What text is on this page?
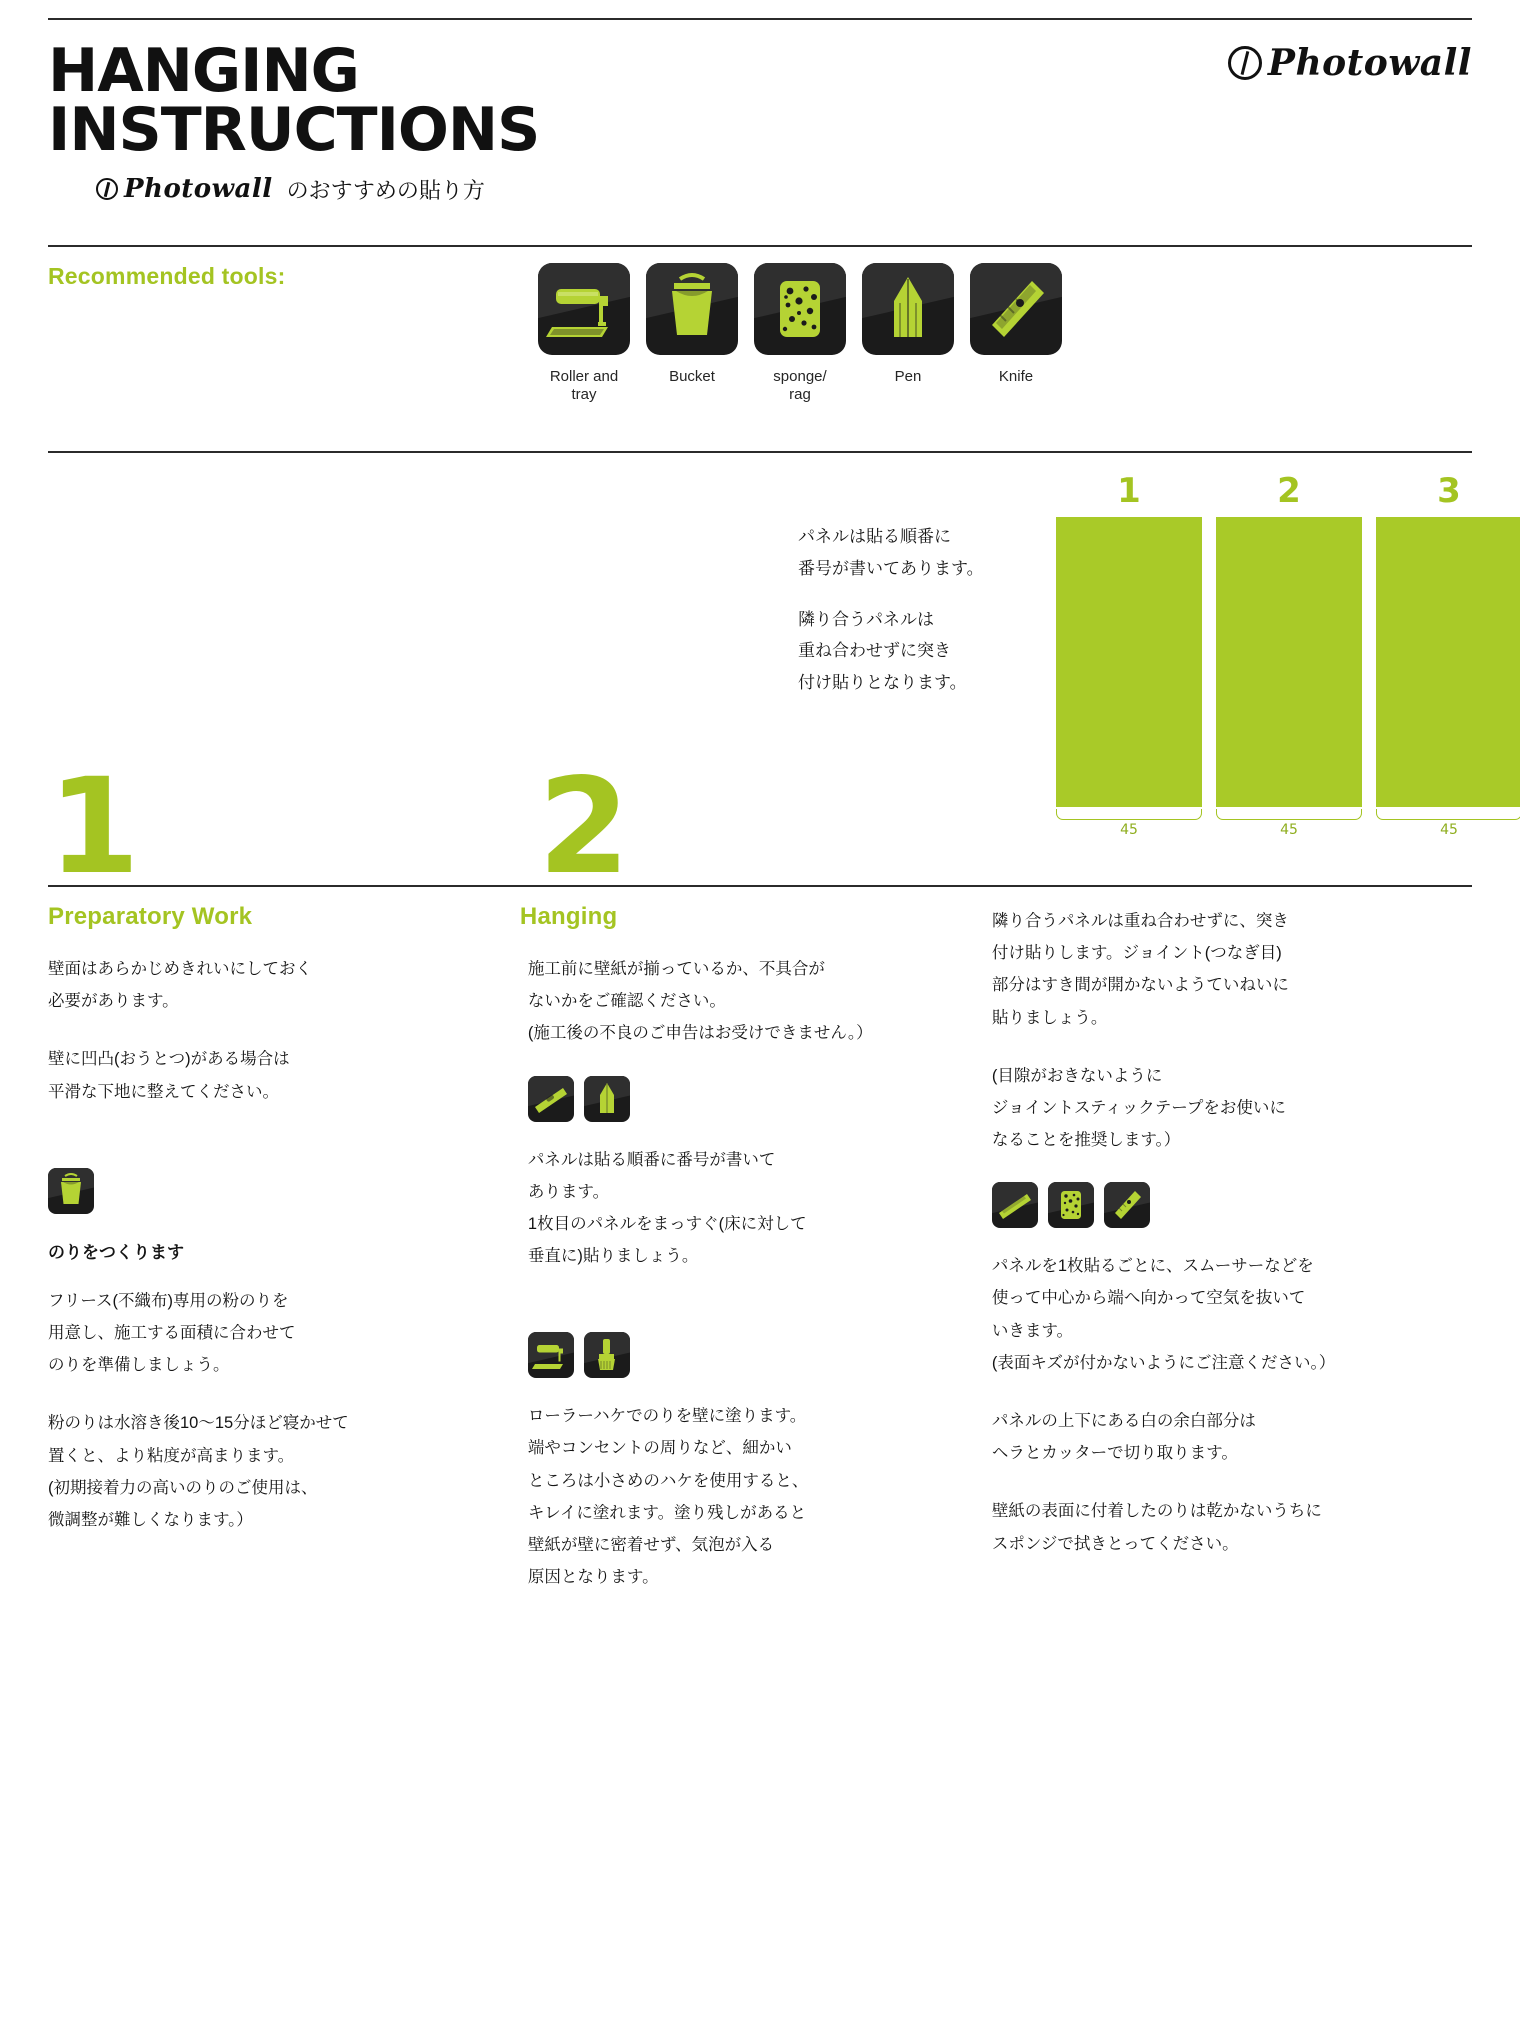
HANGING
INSTRUCTIONS
Photowall のおすすめの貼り方
Photowall
Recommended tools:
Roller and
tray
Bucket	sponge/
rag
Pen	Knife
1	2

パネルは貼る順番に
番号が書いてあります。

隣り合うパネルは
重ね合わせずに突き
付け貼りとなります。

1	2	3
45	45	45
Preparatory Work

壁面はあらかじめきれいにしておく
必要があります。

壁に凹凸(おうとつ)がある場合は
平滑な下地に整えてください。

のりをつくります

フリース(不織布)専用の粉のりを
用意し、施工する面積に合わせて
のりを準備しましょう。

粉のりは水溶き後10〜15分ほど寝かせて
置くと、より粘度が高まります。
(初期接着力の高いのりのご使用は、
微調整が難しくなります。）

Hanging

施工前に壁紙が揃っているか、不具合が
ないかをご確認ください。
(施工後の不良のご申告はお受けできません。）

パネルは貼る順番に番号が書いて
あります。
1枚目のパネルをまっすぐ(床に対して
垂直に)貼りましょう。

ローラーハケでのりを壁に塗ります。
端やコンセントの周りなど、細かい
ところは小さめのハケを使用すると、
キレイに塗れます。塗り残しがあると
壁紙が壁に密着せず、気泡が入る
原因となります。

隣り合うパネルは重ね合わせずに、突き
付け貼りします。ジョイント(つなぎ目)
部分はすき間が開かないようていねいに
貼りましょう。

(目隙がおきないように
ジョイントスティックテープをお使いに
なることを推奨します。）

パネルを1枚貼るごとに、スムーサーなどを
使って中心から端へ向かって空気を抜いて
いきます。
(表面キズが付かないようにご注意ください。）

パネルの上下にある白の余白部分は
ヘラとカッターで切り取ります。

壁紙の表面に付着したのりは乾かないうちに
スポンジで拭きとってください。
